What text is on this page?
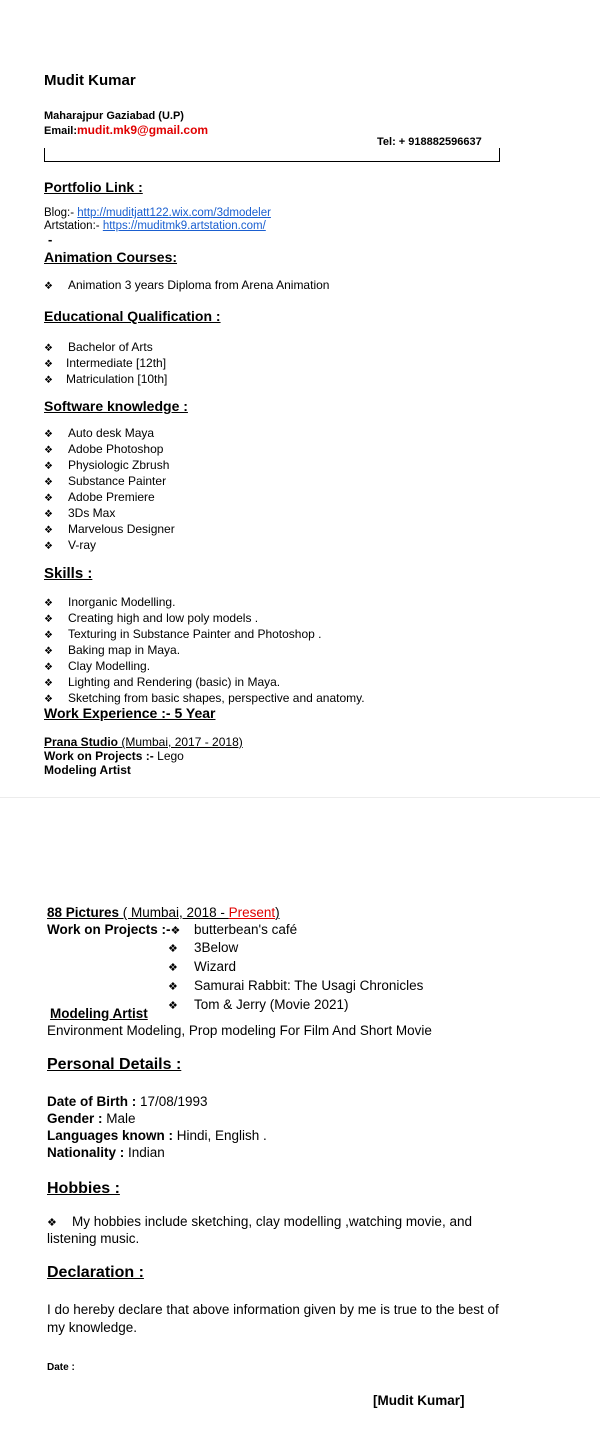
Mudit Kumar
Maharajpur Gaziabad (U.P)
Email:mudit.mk9@gmail.com
Tel: + 918882596637
Portfolio Link :
Blog:- http://muditjatt122.wix.com/3dmodeler
Artstation:- https://muditmk9.artstation.com/
-
Animation Courses:
❖ Animation 3 years Diploma from Arena Animation
Educational Qualification :
❖ Bachelor of Arts
❖ Intermediate [12th]
❖ Matriculation [10th]
Software knowledge :
❖ Auto desk Maya
❖ Adobe Photoshop
❖ Physiologic Zbrush
❖ Substance Painter
❖ Adobe Premiere
❖ 3Ds Max
❖ Marvelous Designer
❖ V-ray
Skills :
❖ Inorganic Modelling.
❖ Creating high and low poly models .
❖ Texturing in Substance Painter and Photoshop .
❖ Baking map in Maya.
❖ Clay Modelling.
❖ Lighting and Rendering (basic) in Maya.
❖ Sketching from basic shapes, perspective and anatomy.
Work Experience :- 5 Year
Prana Studio (Mumbai, 2017 - 2018)
Work on Projects :- Lego
Modeling Artist
88 Pictures ( Mumbai, 2018 - Present)
Work on Projects :-❖ butterbean's café
❖ 3Below
❖ Wizard
❖ Samurai Rabbit: The Usagi Chronicles
❖ Tom & Jerry (Movie 2021)
Modeling Artist
Environment Modeling, Prop modeling For Film And Short Movie
Personal Details :
Date of Birth : 17/08/1993
Gender : Male
Languages known : Hindi, English .
Nationality : Indian
Hobbies :
❖ My hobbies include sketching, clay modelling ,watching movie, and
listening music.
Declaration :
I do hereby declare that above information given by me is true to the best of
my knowledge.
Date :
[Mudit Kumar]
